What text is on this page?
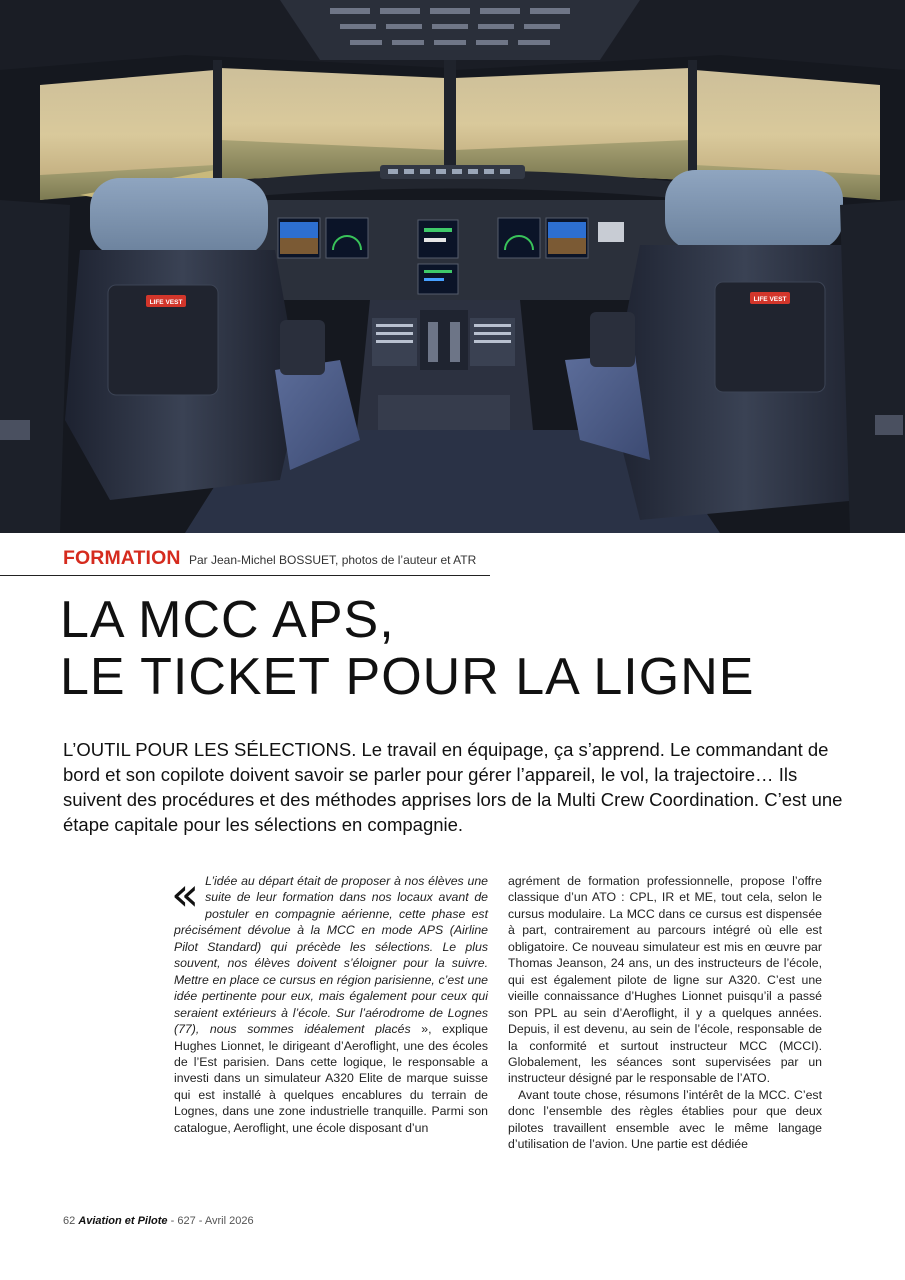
LIFE VEST	LIFE VEST
FORMATION Par Jean-Michel BOSSUET, photos de l’auteur et ATR
LA MCC APS,
LE TICKET POUR LA LIGNE

L’OUTIL POUR LES SÉLECTIONS. Le travail en équipage, ça s’apprend. Le commandant de bord et son copilote doivent savoir se parler pour gérer l’appareil, le vol, la trajectoire… Ils suivent des procédures et des méthodes apprises lors de la Multi Crew Coordination. C’est une étape capitale pour les sélections en compagnie.

« L’idée au départ était de proposer à nos élèves une suite de leur formation dans nos locaux avant de postuler en compagnie aérienne, cette phase est précisément dévolue à la MCC en mode APS (Airline Pilot Standard) qui précède les sélections. Le plus souvent, nos élèves doivent s’éloigner pour la suivre. Mettre en place ce cursus en région parisienne, c’est une idée pertinente pour eux, mais également pour ceux qui seraient extérieurs à l’école. Sur l’aérodrome de Lognes (77), nous sommes idéalement placés », explique Hughes Lionnet, le dirigeant d’Aeroflight, une des écoles de l’Est parisien. Dans cette logique, le responsable a investi dans un simulateur A320 Elite de marque suisse qui est installé à quelques encablures du terrain de Lognes, dans une zone industrielle tranquille. Parmi son catalogue, Aeroflight, une école disposant d’un

agrément de formation professionnelle, propose l’offre classique d’un ATO : CPL, IR et ME, tout cela, selon le cursus modulaire. La MCC dans ce cursus est dispensée à part, contrairement au parcours intégré où elle est obligatoire. Ce nouveau simulateur est mis en œuvre par Thomas Jeanson, 24 ans, un des instructeurs de l’école, qui est également pilote de ligne sur A320. C’est une vieille connaissance d’Hughes Lionnet puisqu’il a passé son PPL au sein d’Aeroflight, il y a quelques années. Depuis, il est devenu, au sein de l’école, responsable de la conformité et surtout instructeur MCC (MCCI). Globalement, les séances sont supervisées par un instructeur désigné par le responsable de l’ATO.

Avant toute chose, résumons l’intérêt de la MCC. C’est donc l’ensemble des règles établies pour que deux pilotes travaillent ensemble avec le même langage d’utilisation de l’avion. Une partie est dédiée

62 Aviation et Pilote - 627 - Avril 2026
